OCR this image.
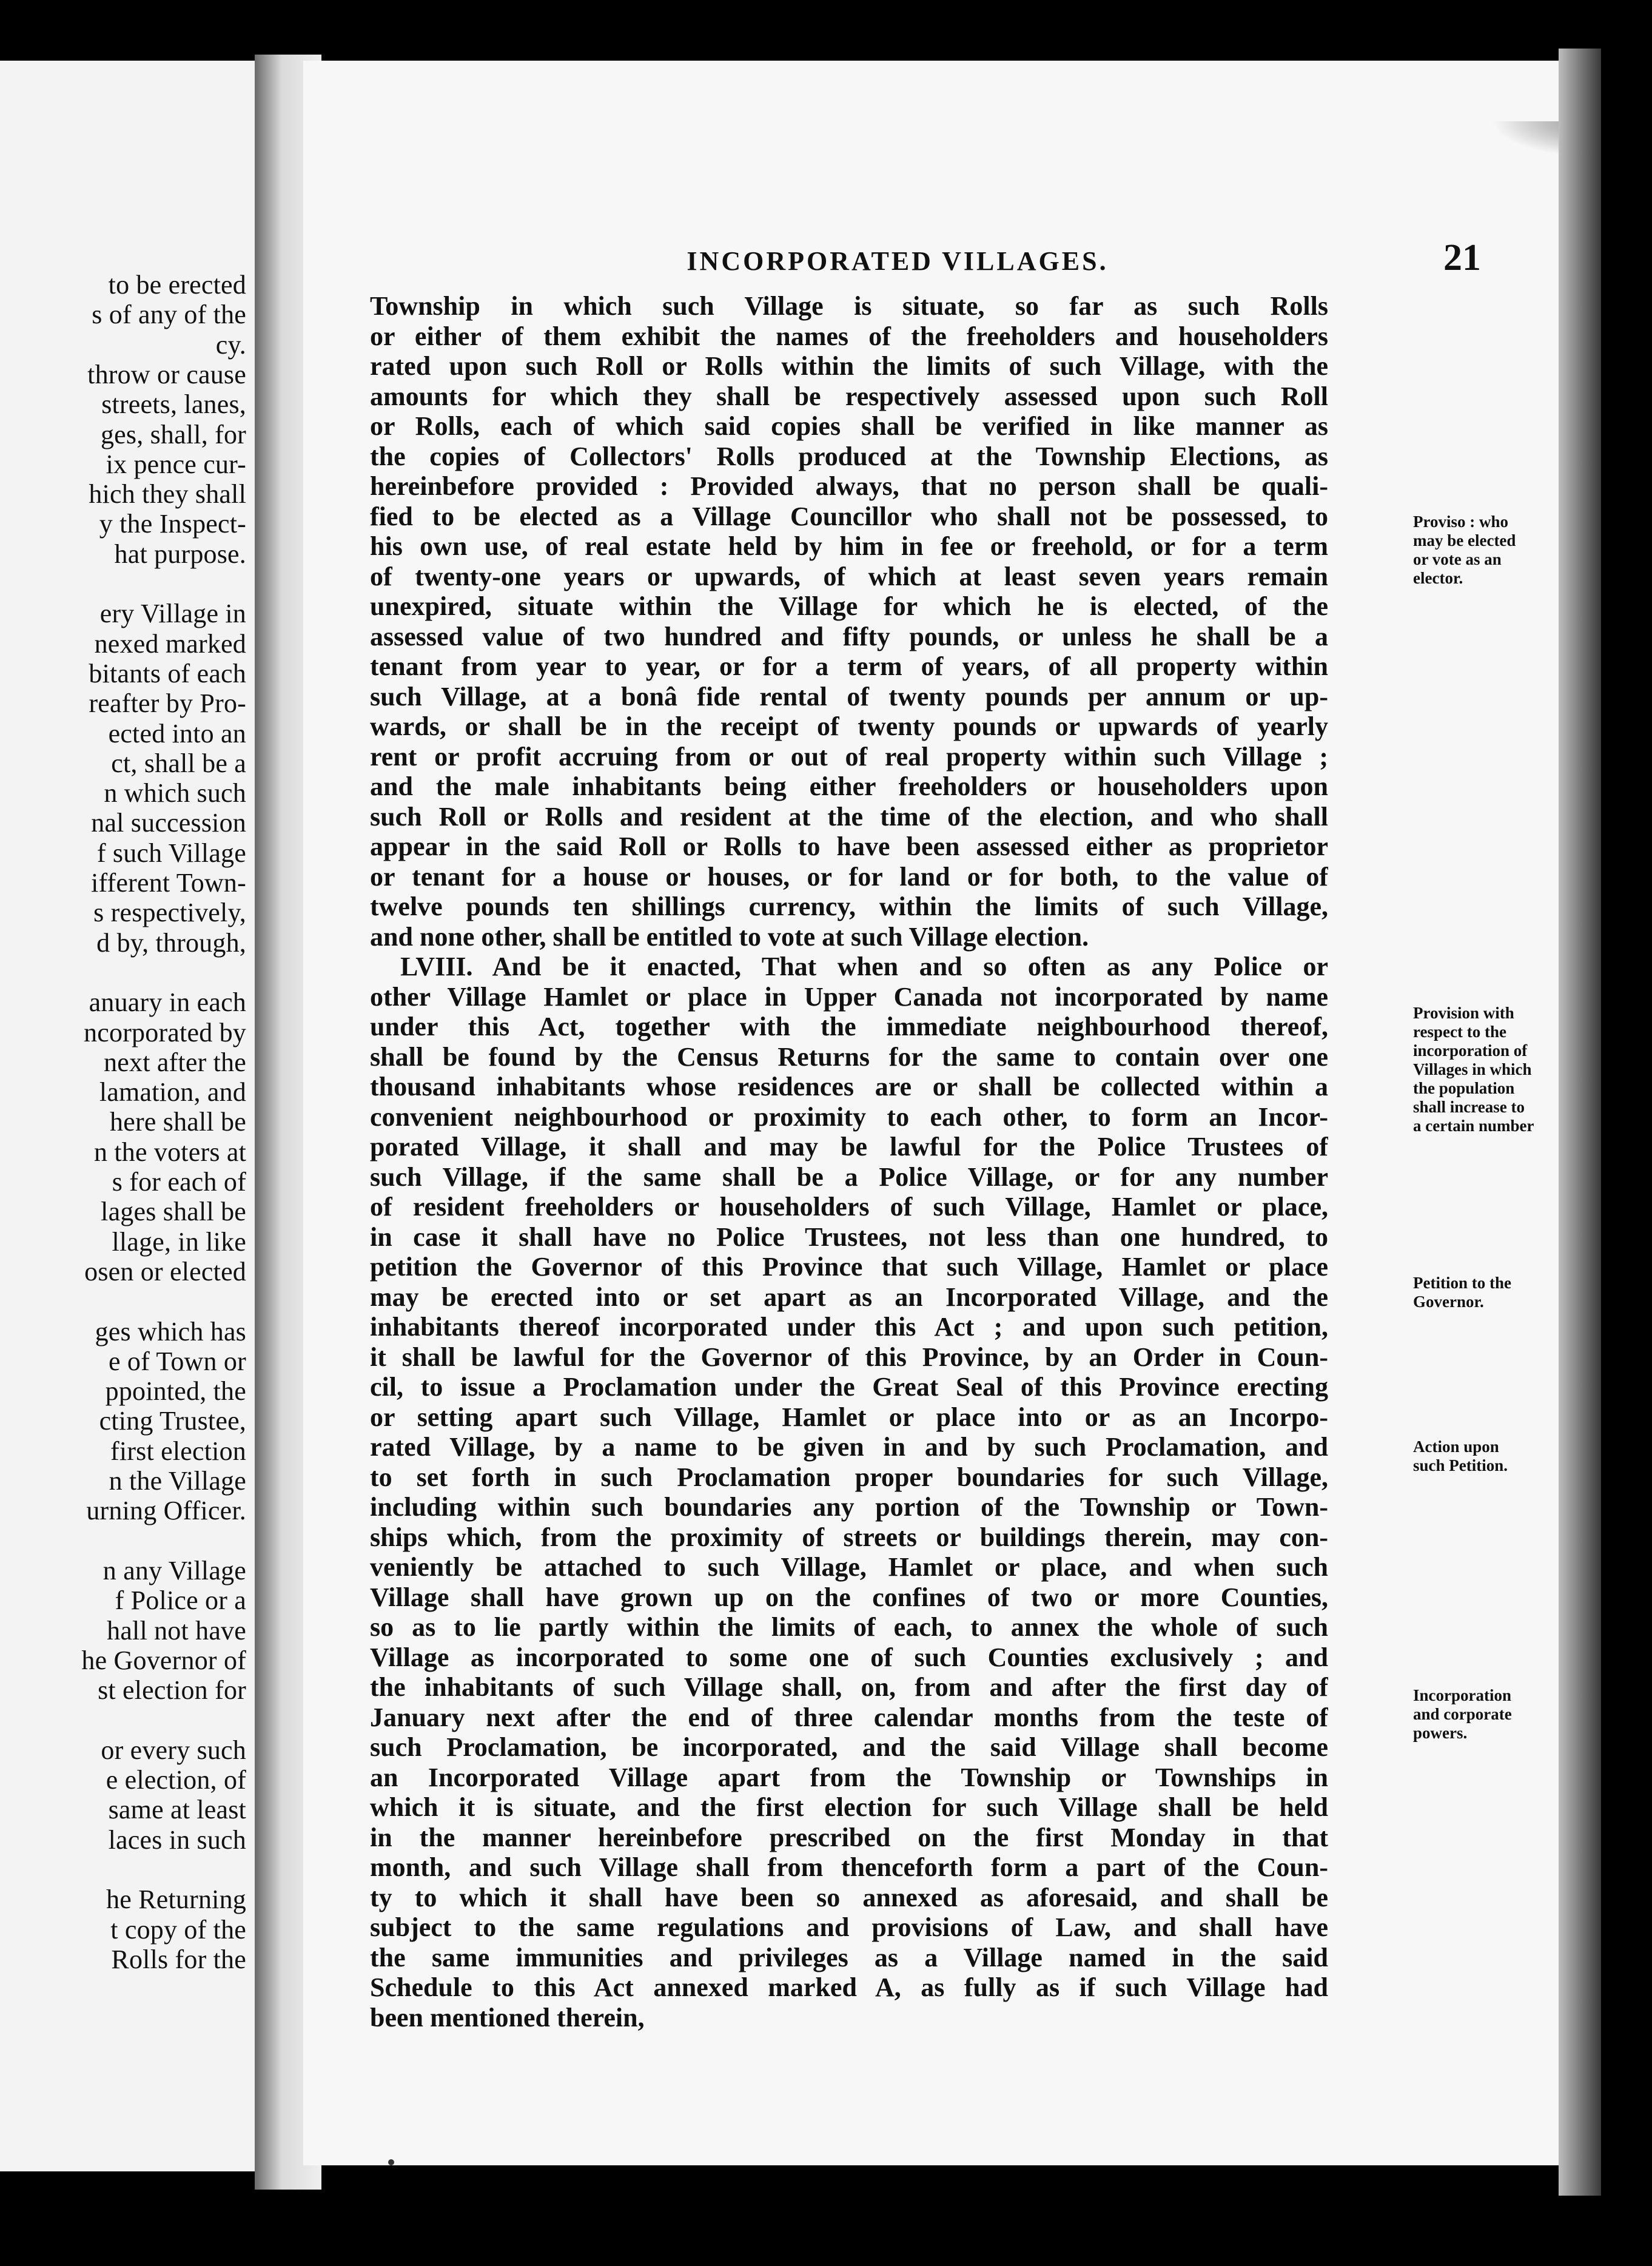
to be erected
s of any of the
cy.
throw or cause
streets, lanes,
ges, shall, for
ix pence cur-
hich they shall
y the Inspect-
hat purpose.
ery Village in
nexed marked
bitants of each
reafter by Pro-
ected into an
ct, shall be a
n which such
nal succession
f such Village
ifferent Town-
s respectively,
d by, through,
anuary in each
ncorporated by
next after the
lamation, and
here shall be
n the voters at
s for each of
lages shall be
llage, in like
osen or elected
ges which has
e of Town or
ppointed, the
cting Trustee,
first election
n the Village
urning Officer.
n any Village
f Police or a
hall not have
he Governor of
st election for
or every such
e election, of
same at least
laces in such
he Returning
t copy of the
Rolls for the
INCORPORATED VILLAGES.	21
Township in which such Village is situate, so far as such Rolls
or either of them exhibit the names of the freeholders and householders
rated upon such Roll or Rolls within the limits of such Village, with the
amounts for which they shall be respectively assessed upon such Roll
or Rolls, each of which said copies shall be verified in like manner as
the copies of Collectors' Rolls produced at the Township Elections, as
hereinbefore provided : Provided always, that no person shall be quali-
fied to be elected as a Village Councillor who shall not be possessed, to
his own use, of real estate held by him in fee or freehold, or for a term
of twenty-one years or upwards, of which at least seven years remain
unexpired, situate within the Village for which he is elected, of the
assessed value of two hundred and fifty pounds, or unless he shall be a
tenant from year to year, or for a term of years, of all property within
such Village, at a bonâ fide rental of twenty pounds per annum or up-
wards, or shall be in the receipt of twenty pounds or upwards of yearly
rent or profit accruing from or out of real property within such Village ;
and the male inhabitants being either freeholders or householders upon
such Roll or Rolls and resident at the time of the election, and who shall
appear in the said Roll or Rolls to have been assessed either as proprietor
or tenant for a house or houses, or for land or for both, to the value of
twelve pounds ten shillings currency, within the limits of such Village,
and none other, shall be entitled to vote at such Village election.
LVIII. And be it enacted, That when and so often as any Police or
other Village Hamlet or place in Upper Canada not incorporated by name
under this Act, together with the immediate neighbourhood thereof,
shall be found by the Census Returns for the same to contain over one
thousand inhabitants whose residences are or shall be collected within a
convenient neighbourhood or proximity to each other, to form an Incor-
porated Village, it shall and may be lawful for the Police Trustees of
such Village, if the same shall be a Police Village, or for any number
of resident freeholders or householders of such Village, Hamlet or place,
in case it shall have no Police Trustees, not less than one hundred, to
petition the Governor of this Province that such Village, Hamlet or place
may be erected into or set apart as an Incorporated Village, and the
inhabitants thereof incorporated under this Act ; and upon such petition,
it shall be lawful for the Governor of this Province, by an Order in Coun-
cil, to issue a Proclamation under the Great Seal of this Province erecting
or setting apart such Village, Hamlet or place into or as an Incorpo-
rated Village, by a name to be given in and by such Proclamation, and
to set forth in such Proclamation proper boundaries for such Village,
including within such boundaries any portion of the Township or Town-
ships which, from the proximity of streets or buildings therein, may con-
veniently be attached to such Village, Hamlet or place, and when such
Village shall have grown up on the confines of two or more Counties,
so as to lie partly within the limits of each, to annex the whole of such
Village as incorporated to some one of such Counties exclusively ; and
the inhabitants of such Village shall, on, from and after the first day of
January next after the end of three calendar months from the teste of
such Proclamation, be incorporated, and the said Village shall become
an Incorporated Village apart from the Township or Townships in
which it is situate, and the first election for such Village shall be held
in the manner hereinbefore prescribed on the first Monday in that
month, and such Village shall from thenceforth form a part of the Coun-
ty to which it shall have been so annexed as aforesaid, and shall be
subject to the same regulations and provisions of Law, and shall have
the same immunities and privileges as a Village named in the said
Schedule to this Act annexed marked A, as fully as if such Village had
been mentioned therein,
Proviso : who
may be elected
or vote as an
elector.
Provision with
respect to the
incorporation of
Villages in which
the population
shall increase to
a certain number
Petition to the
Governor.
Action upon
such Petition.
Incorporation
and corporate
powers.
